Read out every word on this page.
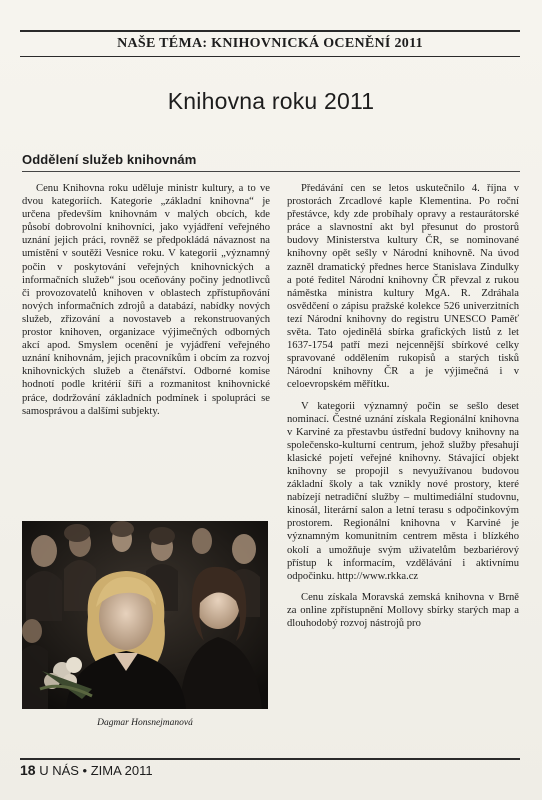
NAŠE TÉMA: KNIHOVNICKÁ OCENĚNÍ 2011
Knihovna roku 2011
Oddělení služeb knihovnám

Cenu Knihovna roku uděluje ministr kultury, a to ve dvou kategoriích. Kategorie „základní knihovna“ je určena především knihovnám v malých obcích, kde působí dobrovolní knihovníci, jako vyjádření veřejného uznání jejich práci, rovněž se předpokládá návaznost na umístění v soutěži Vesnice roku. V kategorii „významný počin v poskytování veřejných knihovnických a informačních služeb“ jsou oceňovány počiny jednotlivců či provozovatelů knihoven v oblastech zpřístupňování nových informačních zdrojů a databází, nabídky nových služeb, zřizování a novostaveb a rekonstruovaných prostor knihoven, organizace výjimečných odborných akcí apod. Smyslem ocenění je vyjádření veřejného uznání knihovnám, jejich pracovníkům i obcím za rozvoj knihovnických služeb a čtenářství. Odborné komise hodnotí podle kritérií šíři a rozmanitost knihovnické práce, dodržování základních podmínek i spolupráci se samosprávou a dalšími subjekty.

Dagmar Honsnejmanová

Předávání cen se letos uskutečnilo 4. října v prostorách Zrcadlové kaple Klementina. Po roční přestávce, kdy zde probíhaly opravy a restaurátorské práce a slavnostní akt byl přesunut do prostorů budovy Ministerstva kultury ČR, se nominované knihovny opět sešly v Národní knihovně. Na úvod zazněl dramatický přednes herce Stanislava Zindulky a poté ředitel Národní knihovny ČR převzal z rukou náměstka ministra kultury MgA. R. Zdráhala osvědčení o zápisu pražské kolekce 526 univerzitních tezí Národní knihovny do registru UNESCO Paměť světa. Tato ojedinělá sbírka grafických listů z let 1637-1754 patří mezi nejcennější sbírkové celky spravované oddělením rukopisů a starých tisků Národní knihovny ČR a je výjimečná i v celoevropském měřítku.

V kategorii významný počin se sešlo deset nominací. Čestné uznání získala Regionální knihovna v Karviné za přestavbu ústřední budovy knihovny na společensko-kulturní centrum, jehož služby přesahují klasické pojetí veřejné knihovny. Stávající objekt knihovny se propojil s nevyužívanou budovou základní školy a tak vznikly nové prostory, které nabízejí netradiční služby – multimediální studovnu, kinosál, literární salon a letní terasu s odpočinkovým prostorem. Regionální knihovna v Karviné je významným komunitním centrem města i blízkého okolí a umožňuje svým uživatelům bezbariérový přístup k informacím, vzdělávání i aktivnímu odpočinku. http://www.rkka.cz

Cenu získala Moravská zemská knihovna v Brně za online zpřístupnění Mollovy sbírky starých map a dlouhodobý rozvoj nástrojů pro

18 U NÁS • ZIMA 2011
